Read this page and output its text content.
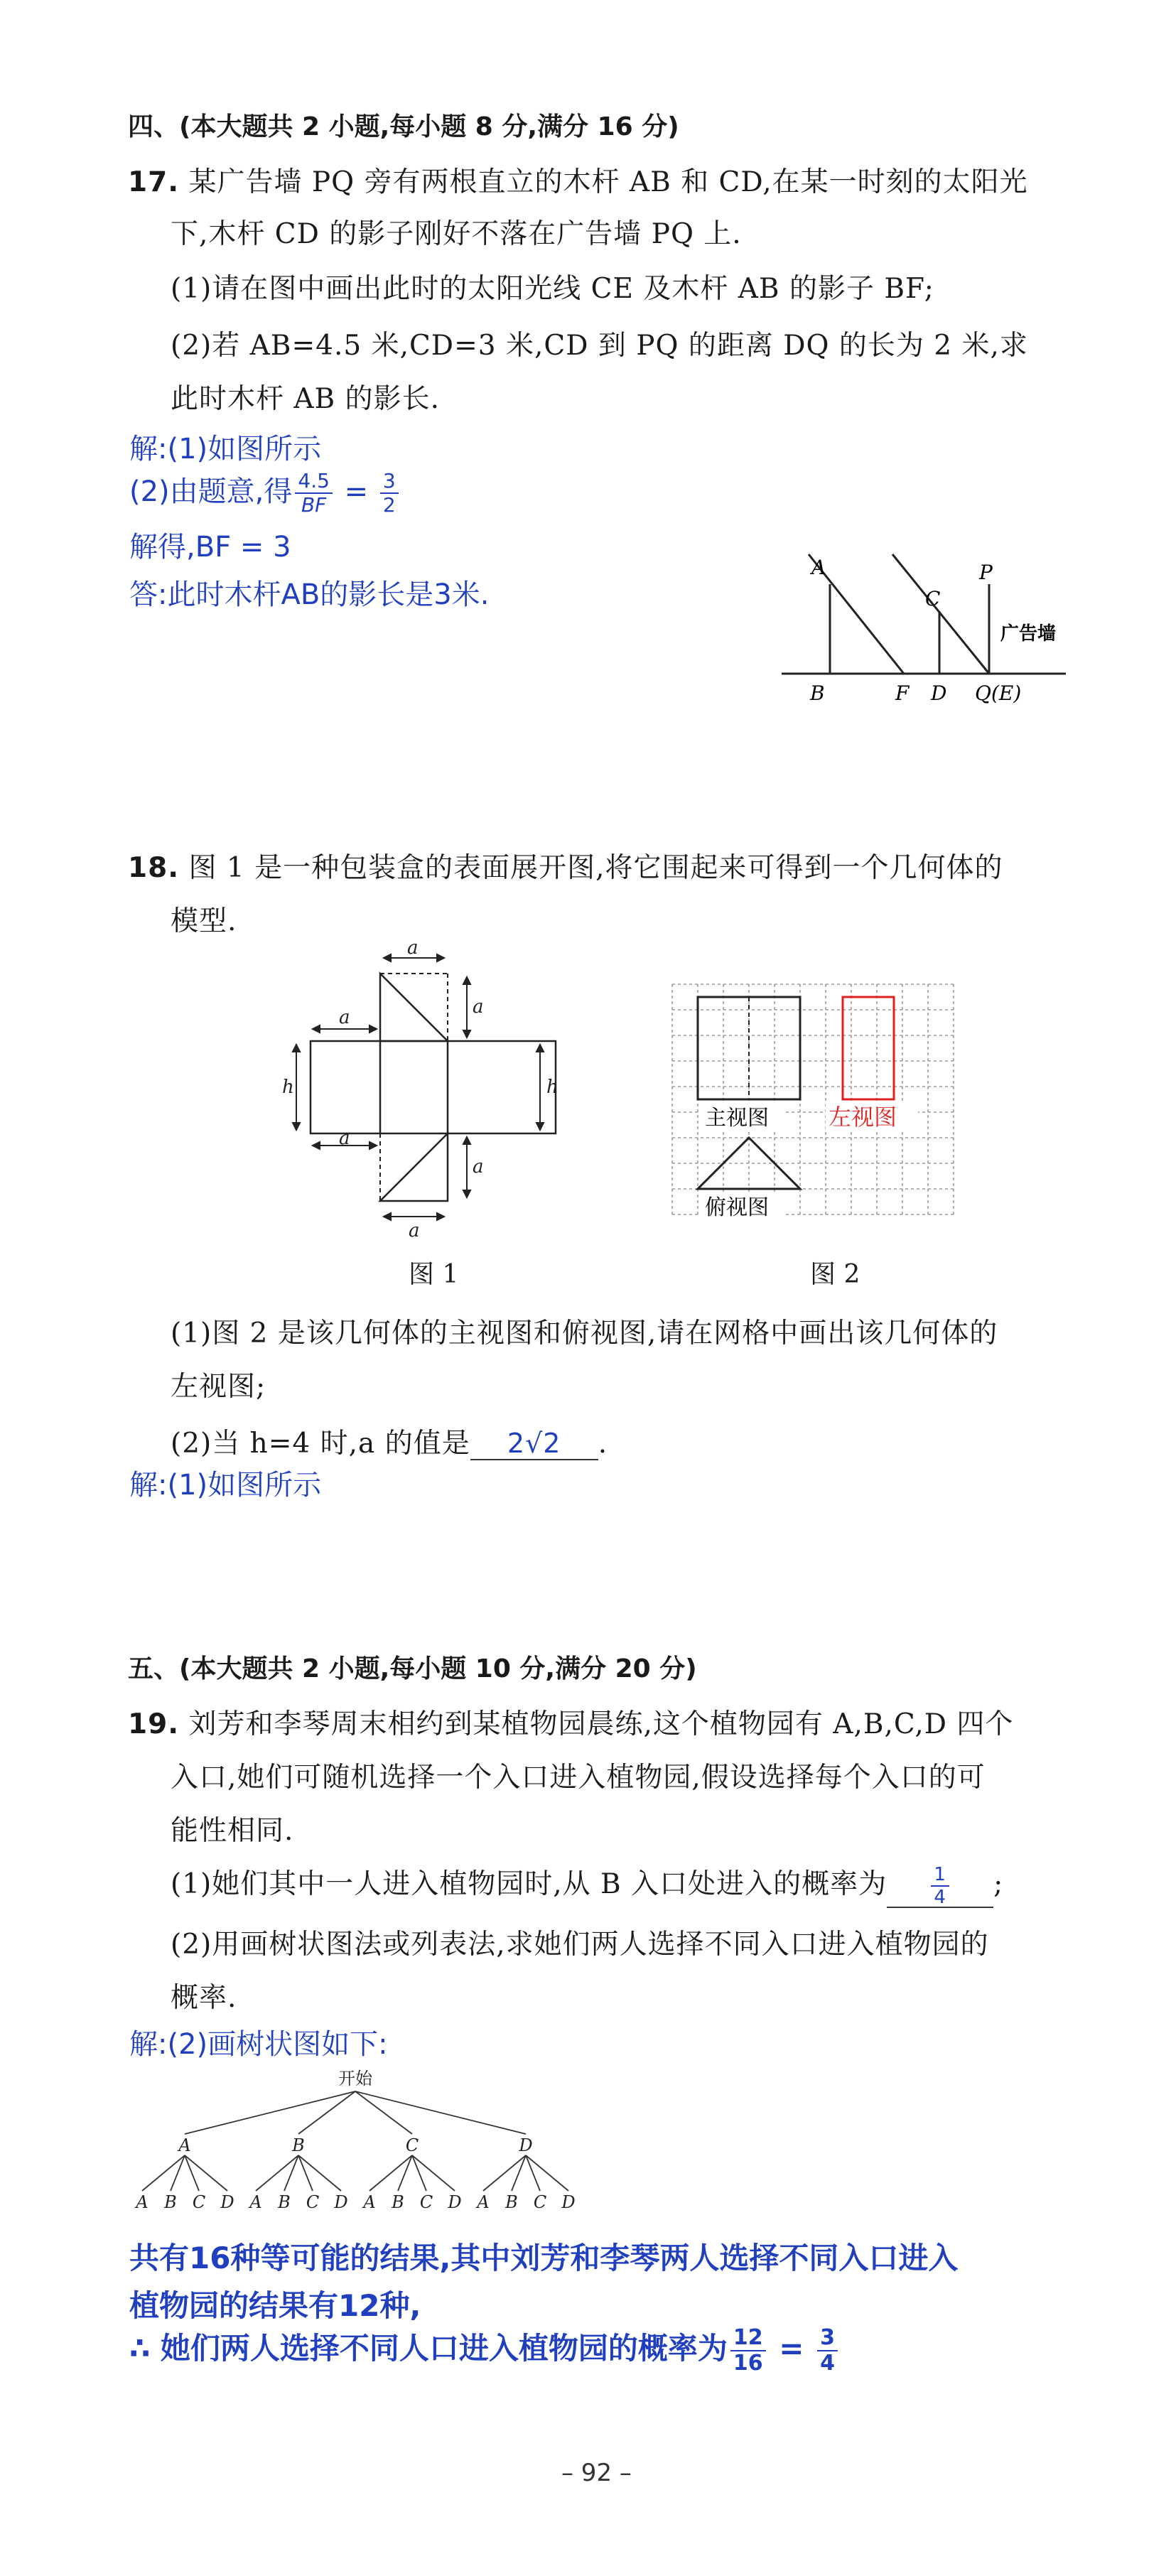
四、(本大题共 2 小题,每小题 8 分,满分 16 分)
17. 某广告墙 PQ 旁有两根直立的木杆 AB 和 CD,在某一时刻的太阳光
下,木杆 CD 的影子刚好不落在广告墙 PQ 上.
(1)请在图中画出此时的太阳光线 CE 及木杆 AB 的影子 BF;
(2)若 AB=4.5 米,CD=3 米,CD 到 PQ 的距离 DQ 的长为 2 米,求
此时木杆 AB 的影长.
解:(1)如图所示
(2)由题意,得 $\frac{4.5}{BF} = \frac{3}{2}$
解得,BF = 3
答:此时木杆AB的影长是3米.
A
B	F
C
D
P
Q(E)
广告墙
18. 图 1 是一种包装盒的表面展开图,将它围起来可得到一个几何体的
模型.
a
a
a
h	h
a
a
a
图 1
主视图	左视图
俯视图
图 2
(1)图 2 是该几何体的主视图和俯视图,请在网格中画出该几何体的
左视图;
(2)当 h=4 时,a 的值是 2√2 .
解:(1)如图所示
五、(本大题共 2 小题,每小题 10 分,满分 20 分)
19. 刘芳和李琴周末相约到某植物园晨练,这个植物园有 A,B,C,D 四个
入口,她们可随机选择一个入口进入植物园,假设选择每个入口的可
能性相同.
(1)她们其中一人进入植物园时,从 B 入口处进入的概率为 $\frac{1}{4}$ ;
(2)用画树状图法或列表法,求她们两人选择不同入口进入植物园的
概率.
解:(2)画树状图如下:
开始
A
A B C D
B
A B C D
C
A B C D
D
A B C D
共有16种等可能的结果,其中刘芳和李琴两人选择不同入口进入
植物园的结果有12种,
∴ 她们两人选择不同人口进入植物园的概率为 $\frac{12}{16} = \frac{3}{4}$
– 92 –
